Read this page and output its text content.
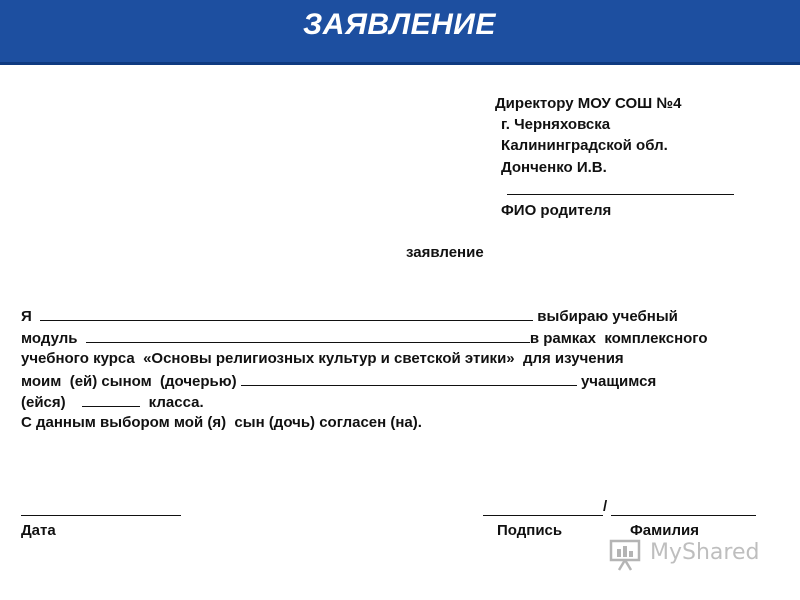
ЗАЯВЛЕНИЕ
Директору МОУ СОШ №4
г. Черняховска
Калининградской обл.
Донченко И.В.
ФИО родителя
заявление
Я	выбираю учебный
модуль	в рамках  комплексного
учебного курса  «Основы религиозных культур и светской этики»  для изучения
моим  (ей) сыном  (дочерью)	учащимся
(ейся)	класса.
С данным выбором мой (я)  сын (дочь) согласен (на).
/
Дата	Подпись	Фамилия
MyShared
